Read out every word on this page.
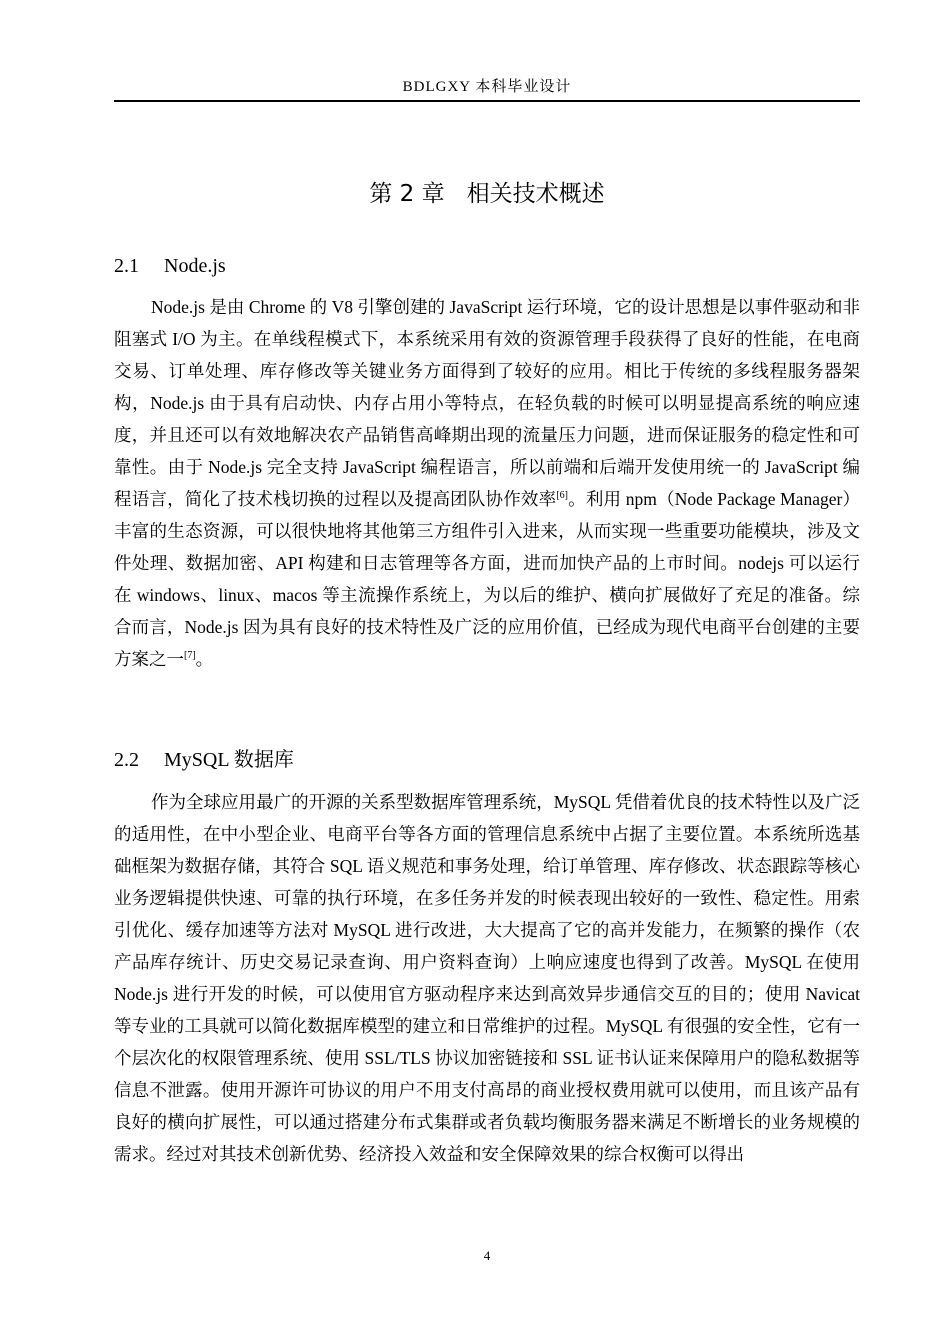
BDLGXY 本科毕业设计
第 2 章 相关技术概述
2.1 Node.js

Node.js 是由 Chrome 的 V8 引擎创建的 JavaScript 运行环境，它的设计思想是以事件驱动和非阻塞式 I/O 为主。在单线程模式下，本系统采用有效的资源管理手段获得了良好的性能，在电商交易、订单处理、库存修改等关键业务方面得到了较好的应用。相比于传统的多线程服务器架构，Node.js 由于具有启动快、内存占用小等特点，在轻负载的时候可以明显提高系统的响应速度，并且还可以有效地解决农产品销售高峰期出现的流量压力问题，进而保证服务的稳定性和可靠性。由于 Node.js 完全支持 JavaScript 编程语言，所以前端和后端开发使用统一的 JavaScript 编程语言，简化了技术栈切换的过程以及提高团队协作效率[6]。利用 npm（Node Package Manager）丰富的生态资源，可以很快地将其他第三方组件引入进来，从而实现一些重要功能模块，涉及文件处理、数据加密、API 构建和日志管理等各方面，进而加快产品的上市时间。nodejs 可以运行在 windows、linux、macos 等主流操作系统上，为以后的维护、横向扩展做好了充足的准备。综合而言，Node.js 因为具有良好的技术特性及广泛的应用价值，已经成为现代电商平台创建的主要方案之一[7]。

2.2 MySQL 数据库

作为全球应用最广的开源的关系型数据库管理系统，MySQL 凭借着优良的技术特性以及广泛的适用性，在中小型企业、电商平台等各方面的管理信息系统中占据了主要位置。本系统所选基础框架为数据存储，其符合 SQL 语义规范和事务处理，给订单管理、库存修改、状态跟踪等核心业务逻辑提供快速、可靠的执行环境，在多任务并发的时候表现出较好的一致性、稳定性。用索引优化、缓存加速等方法对 MySQL 进行改进，大大提高了它的高并发能力，在频繁的操作（农产品库存统计、历史交易记录查询、用户资料查询）上响应速度也得到了改善。MySQL 在使用 Node.js 进行开发的时候，可以使用官方驱动程序来达到高效异步通信交互的目的；使用 Navicat 等专业的工具就可以简化数据库模型的建立和日常维护的过程。MySQL 有很强的安全性，它有一个层次化的权限管理系统、使用 SSL/TLS 协议加密链接和 SSL 证书认证来保障用户的隐私数据等信息不泄露。使用开源许可协议的用户不用支付高昂的商业授权费用就可以使用，而且该产品有良好的横向扩展性，可以通过搭建分布式集群或者负载均衡服务器来满足不断增长的业务规模的需求。经过对其技术创新优势、经济投入效益和安全保障效果的综合权衡可以得出

4
